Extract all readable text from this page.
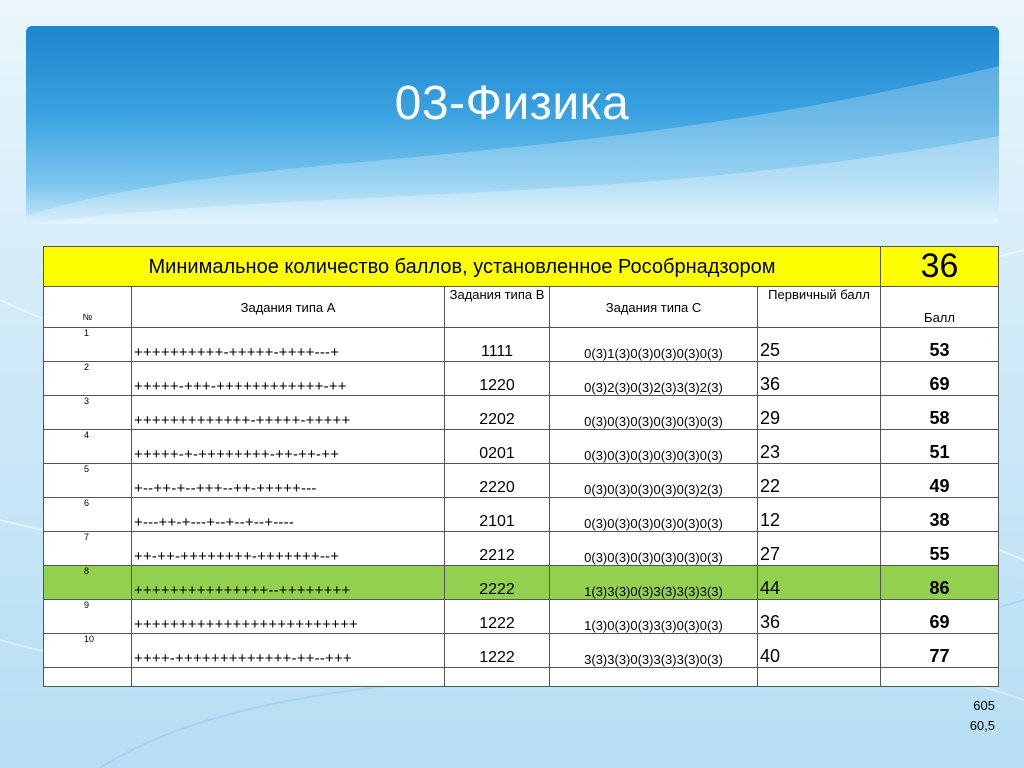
03-Физика
Минимальное количество баллов, установленное Рособрнадзором					36
№	Задания типа А	Задания типа В	Задания типа С	Первичный балл	Балл
1	++++++++++-+++++-++++---+	1111	0(3)1(3)0(3)0(3)0(3)0(3)	25	53
2	+++++-+++-++++++++++++-++	1220	0(3)2(3)0(3)2(3)3(3)2(3)	36	69
3	+++++++++++++-+++++-+++++	2202	0(3)0(3)0(3)0(3)0(3)0(3)	29	58
4	+++++-+-++++++++-++-++-++	0201	0(3)0(3)0(3)0(3)0(3)0(3)	23	51
5	+--++-+--+++--++-+++++---	2220	0(3)0(3)0(3)0(3)0(3)2(3)	22	49
6	+---++-+---+--+--+--+----	2101	0(3)0(3)0(3)0(3)0(3)0(3)	12	38
7	++-++-++++++++-+++++++--+	2212	0(3)0(3)0(3)0(3)0(3)0(3)	27	55
8	+++++++++++++++--++++++++	2222	1(3)3(3)0(3)3(3)3(3)3(3)	44	86
9	+++++++++++++++++++++++++	1222	1(3)0(3)0(3)3(3)0(3)0(3)	36	69
10	++++-+++++++++++++-++--+++	1222	3(3)3(3)0(3)3(3)3(3)0(3)	40	77

605
60,5
